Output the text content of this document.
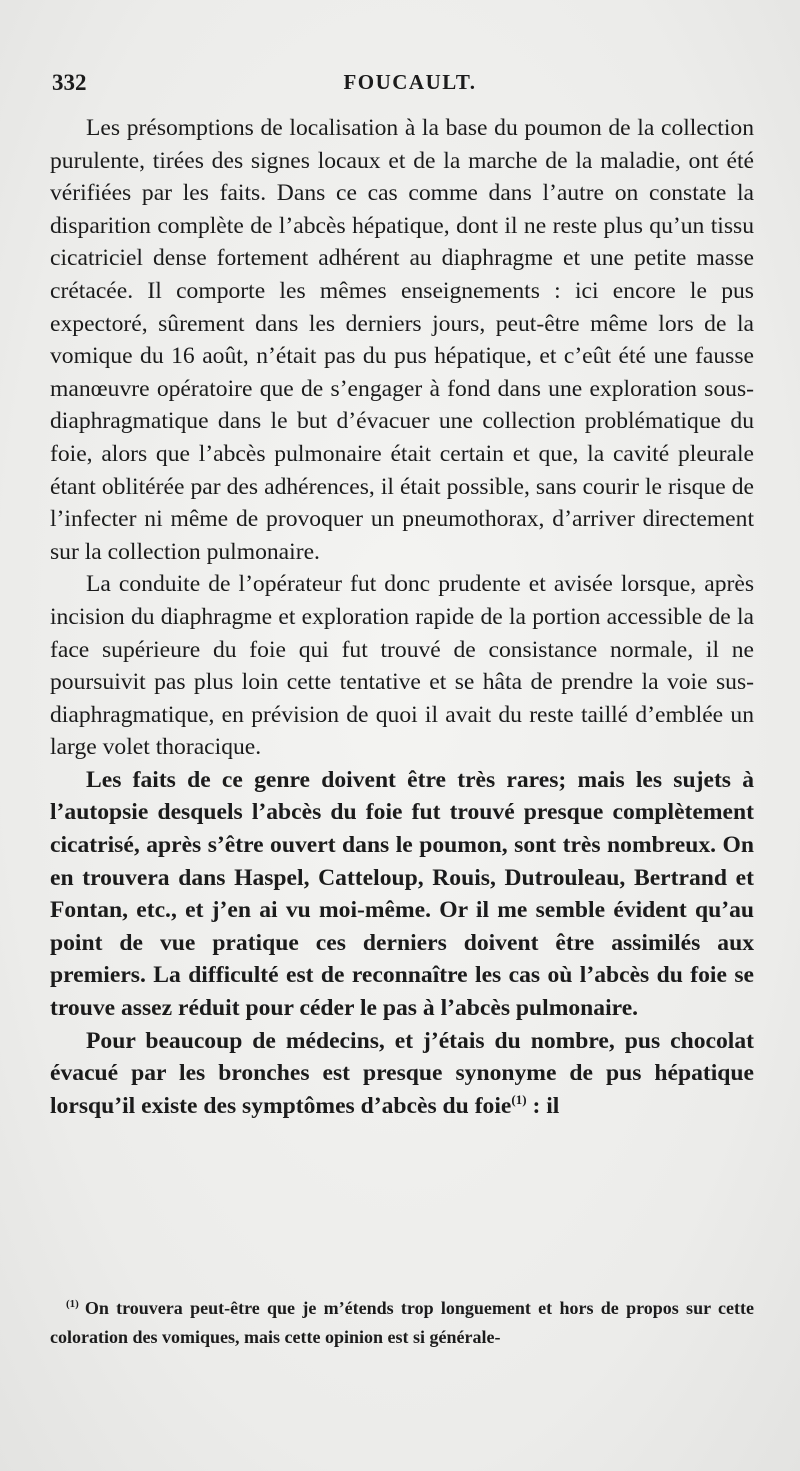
332	FOUCAULT.

Les présomptions de localisation à la base du poumon de la collection purulente, tirées des signes locaux et de la marche de la maladie, ont été vérifiées par les faits. Dans ce cas comme dans l’autre on constate la disparition complète de l’abcès hépatique, dont il ne reste plus qu’un tissu cicatriciel dense fortement adhérent au diaphragme et une petite masse crétacée. Il comporte les mêmes enseignements : ici encore le pus expectoré, sûrement dans les derniers jours, peut-être même lors de la vomique du 16 août, n’était pas du pus hépatique, et c’eût été une fausse manœuvre opératoire que de s’engager à fond dans une exploration sous-diaphragmatique dans le but d’évacuer une collection problématique du foie, alors que l’abcès pulmonaire était certain et que, la cavité pleurale étant oblitérée par des adhérences, il était possible, sans courir le risque de l’infecter ni même de provoquer un pneumothorax, d’arriver directement sur la collection pulmonaire.

La conduite de l’opérateur fut donc prudente et avisée lorsque, après incision du diaphragme et exploration rapide de la portion accessible de la face supérieure du foie qui fut trouvé de consistance normale, il ne poursuivit pas plus loin cette tentative et se hâta de prendre la voie sus-diaphragmatique, en prévision de quoi il avait du reste taillé d’emblée un large volet thoracique.

Les faits de ce genre doivent être très rares; mais les sujets à l’autopsie desquels l’abcès du foie fut trouvé presque complètement cicatrisé, après s’être ouvert dans le poumon, sont très nombreux. On en trouvera dans Haspel, Catteloup, Rouis, Dutrouleau, Bertrand et Fontan, etc., et j’en ai vu moi-même. Or il me semble évident qu’au point de vue pratique ces derniers doivent être assimilés aux premiers. La difficulté est de reconnaître les cas où l’abcès du foie se trouve assez réduit pour céder le pas à l’abcès pulmonaire.

Pour beaucoup de médecins, et j’étais du nombre, pus chocolat évacué par les bronches est presque synonyme de pus hépatique lorsqu’il existe des symptômes d’abcès du foie$^{(1)}$ : il

$^{(1)}$ On trouvera peut-être que je m’étends trop longuement et hors de propos sur cette coloration des vomiques, mais cette opinion est si générale-
